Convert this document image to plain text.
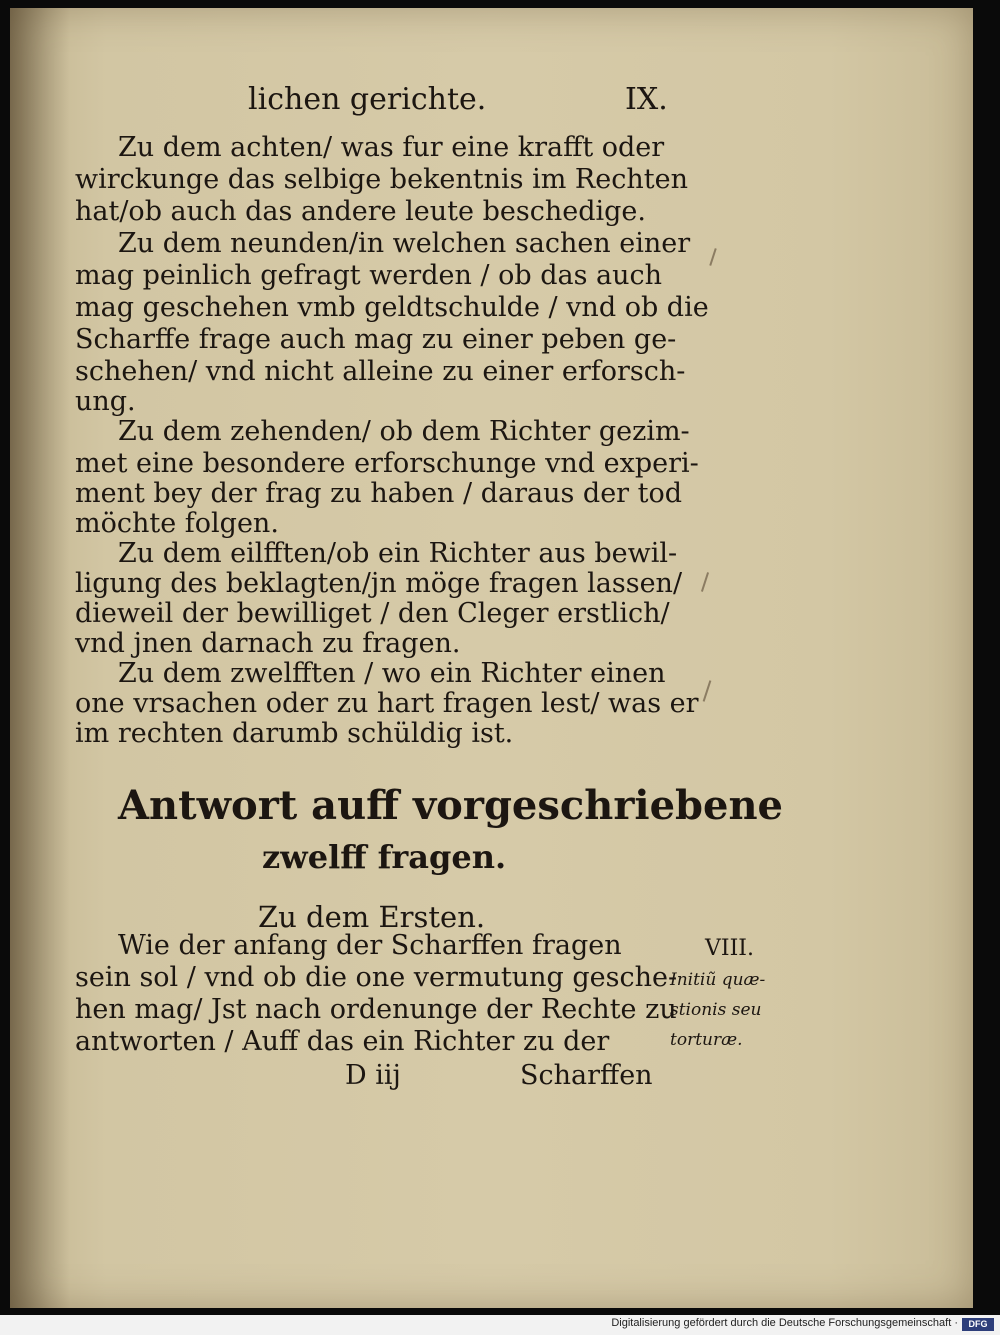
lichen gerichte.	IX.
Zu dem achten/ was fur eine krafft oder
wirckunge das selbige bekentnis im Rechten
hat/ob auch das andere leute beschedige.
Zu dem neunden/in welchen sachen einer
mag peinlich gefragt werden / ob das auch
mag geschehen vmb geldtschulde / vnd ob die
Scharffe frage auch mag zu einer peben ge-
schehen/ vnd nicht alleine zu einer erforsch-
ung.
Zu dem zehenden/ ob dem Richter gezim-
met eine besondere erforschunge vnd experi-
ment bey der frag zu haben / daraus der tod
möchte folgen.
Zu dem eilfften/ob ein Richter aus bewil-
ligung des beklagten/jn möge fragen lassen/
dieweil der bewilliget / den Cleger erstlich/
vnd jnen darnach zu fragen.
Zu dem zwelfften / wo ein Richter einen
one vrsachen oder zu hart fragen lest/ was er
im rechten darumb schüldig ist.
Antwort auff vorgeschriebene
zwelff fragen.
Zu dem Ersten.
Wie der anfang der Scharffen fragen
sein sol / vnd ob die one vermutung gesche-
hen mag/ Jst nach ordenunge der Rechte zu
antworten / Auff das ein Richter zu der
D iij	Scharffen
VIII.
Initiũ quæ-
stionis seu
torturæ.
Digitalisierung gefördert durch die Deutsche Forschungsgemeinschaft ·	DFG
